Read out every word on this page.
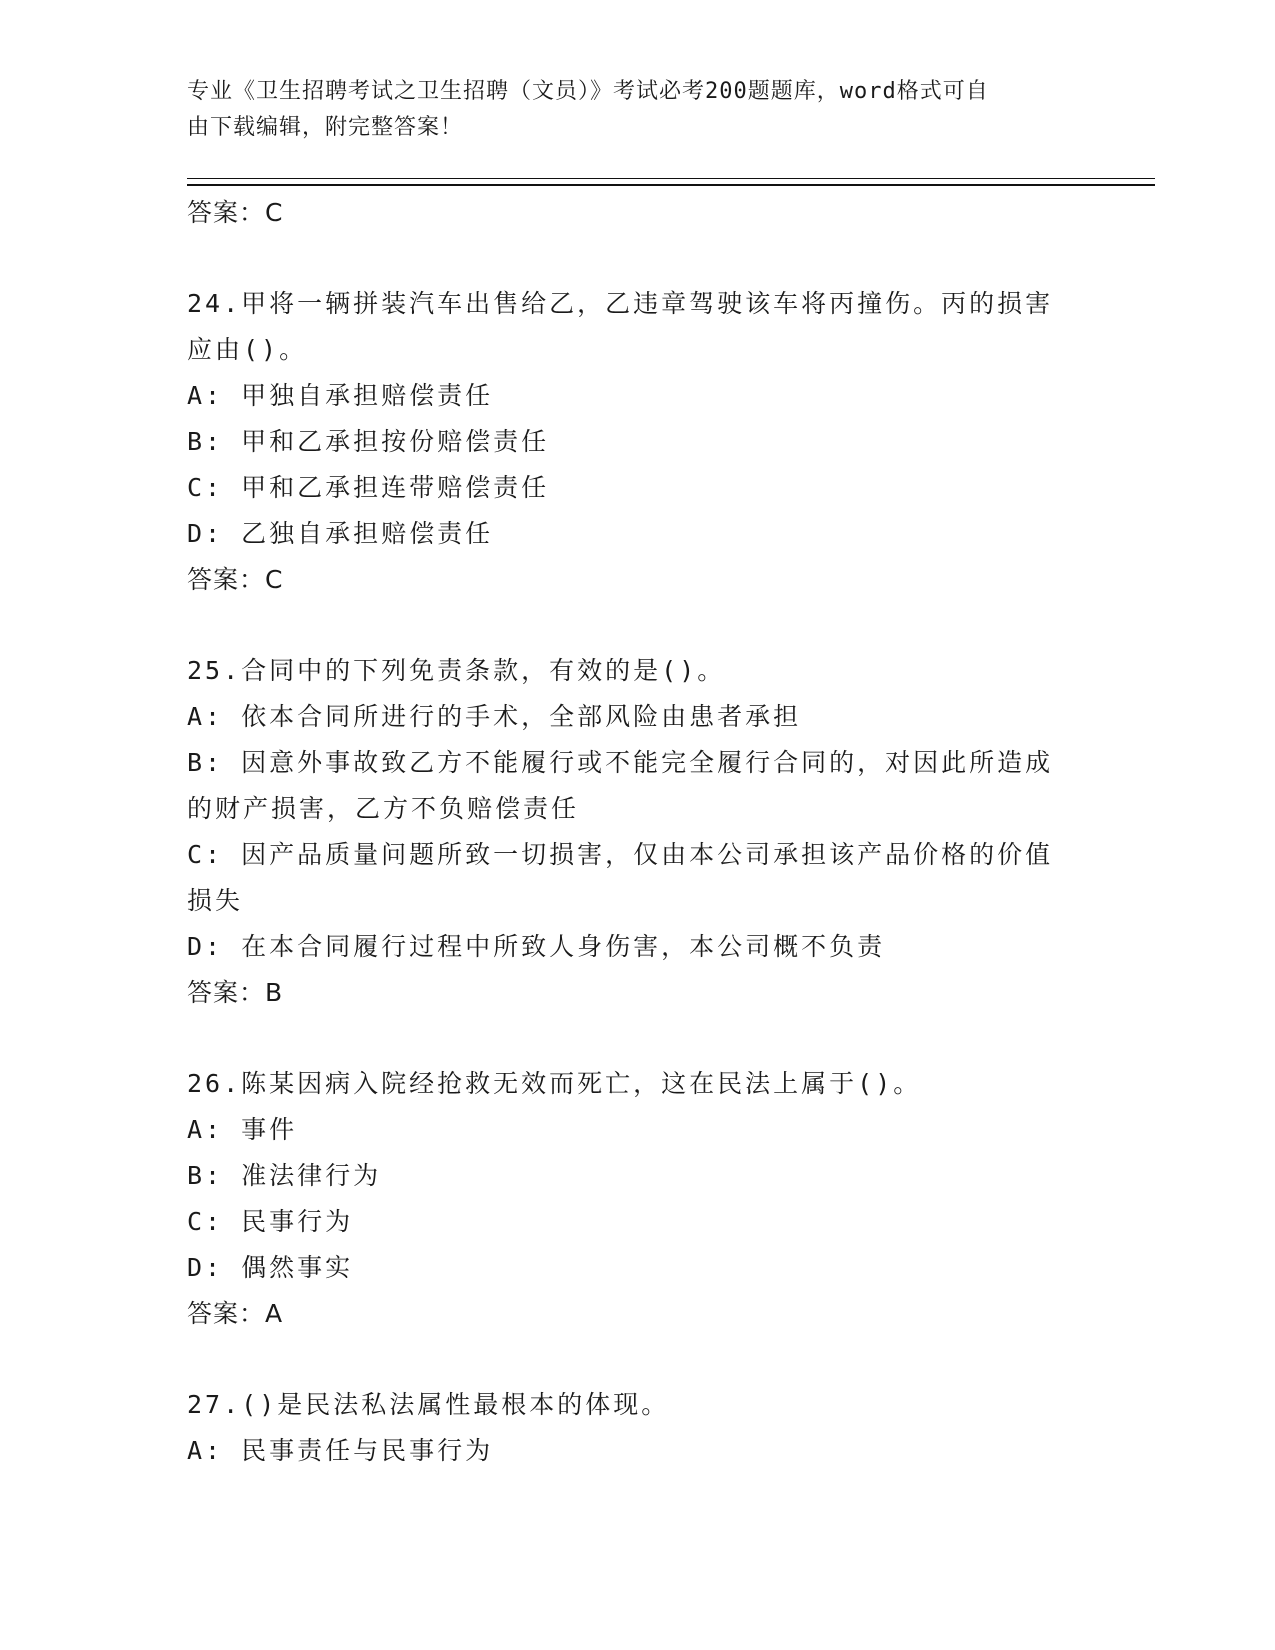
专业《卫生招聘考试之卫生招聘（文员）》考试必考200题题库，word格式可自
由下载编辑，附完整答案！
答案：C
24.甲将一辆拼装汽车出售给乙，乙违章驾驶该车将丙撞伤。丙的损害
应由()。
A: 甲独自承担赔偿责任
B: 甲和乙承担按份赔偿责任
C: 甲和乙承担连带赔偿责任
D: 乙独自承担赔偿责任
答案：C
25.合同中的下列免责条款，有效的是()。
A: 依本合同所进行的手术，全部风险由患者承担
B: 因意外事故致乙方不能履行或不能完全履行合同的，对因此所造成
的财产损害，乙方不负赔偿责任
C: 因产品质量问题所致一切损害，仅由本公司承担该产品价格的价值
损失
D: 在本合同履行过程中所致人身伤害，本公司概不负责
答案：B
26.陈某因病入院经抢救无效而死亡，这在民法上属于()。
A: 事件
B: 准法律行为
C: 民事行为
D: 偶然事实
答案：A
27.()是民法私法属性最根本的体现。
A: 民事责任与民事行为
